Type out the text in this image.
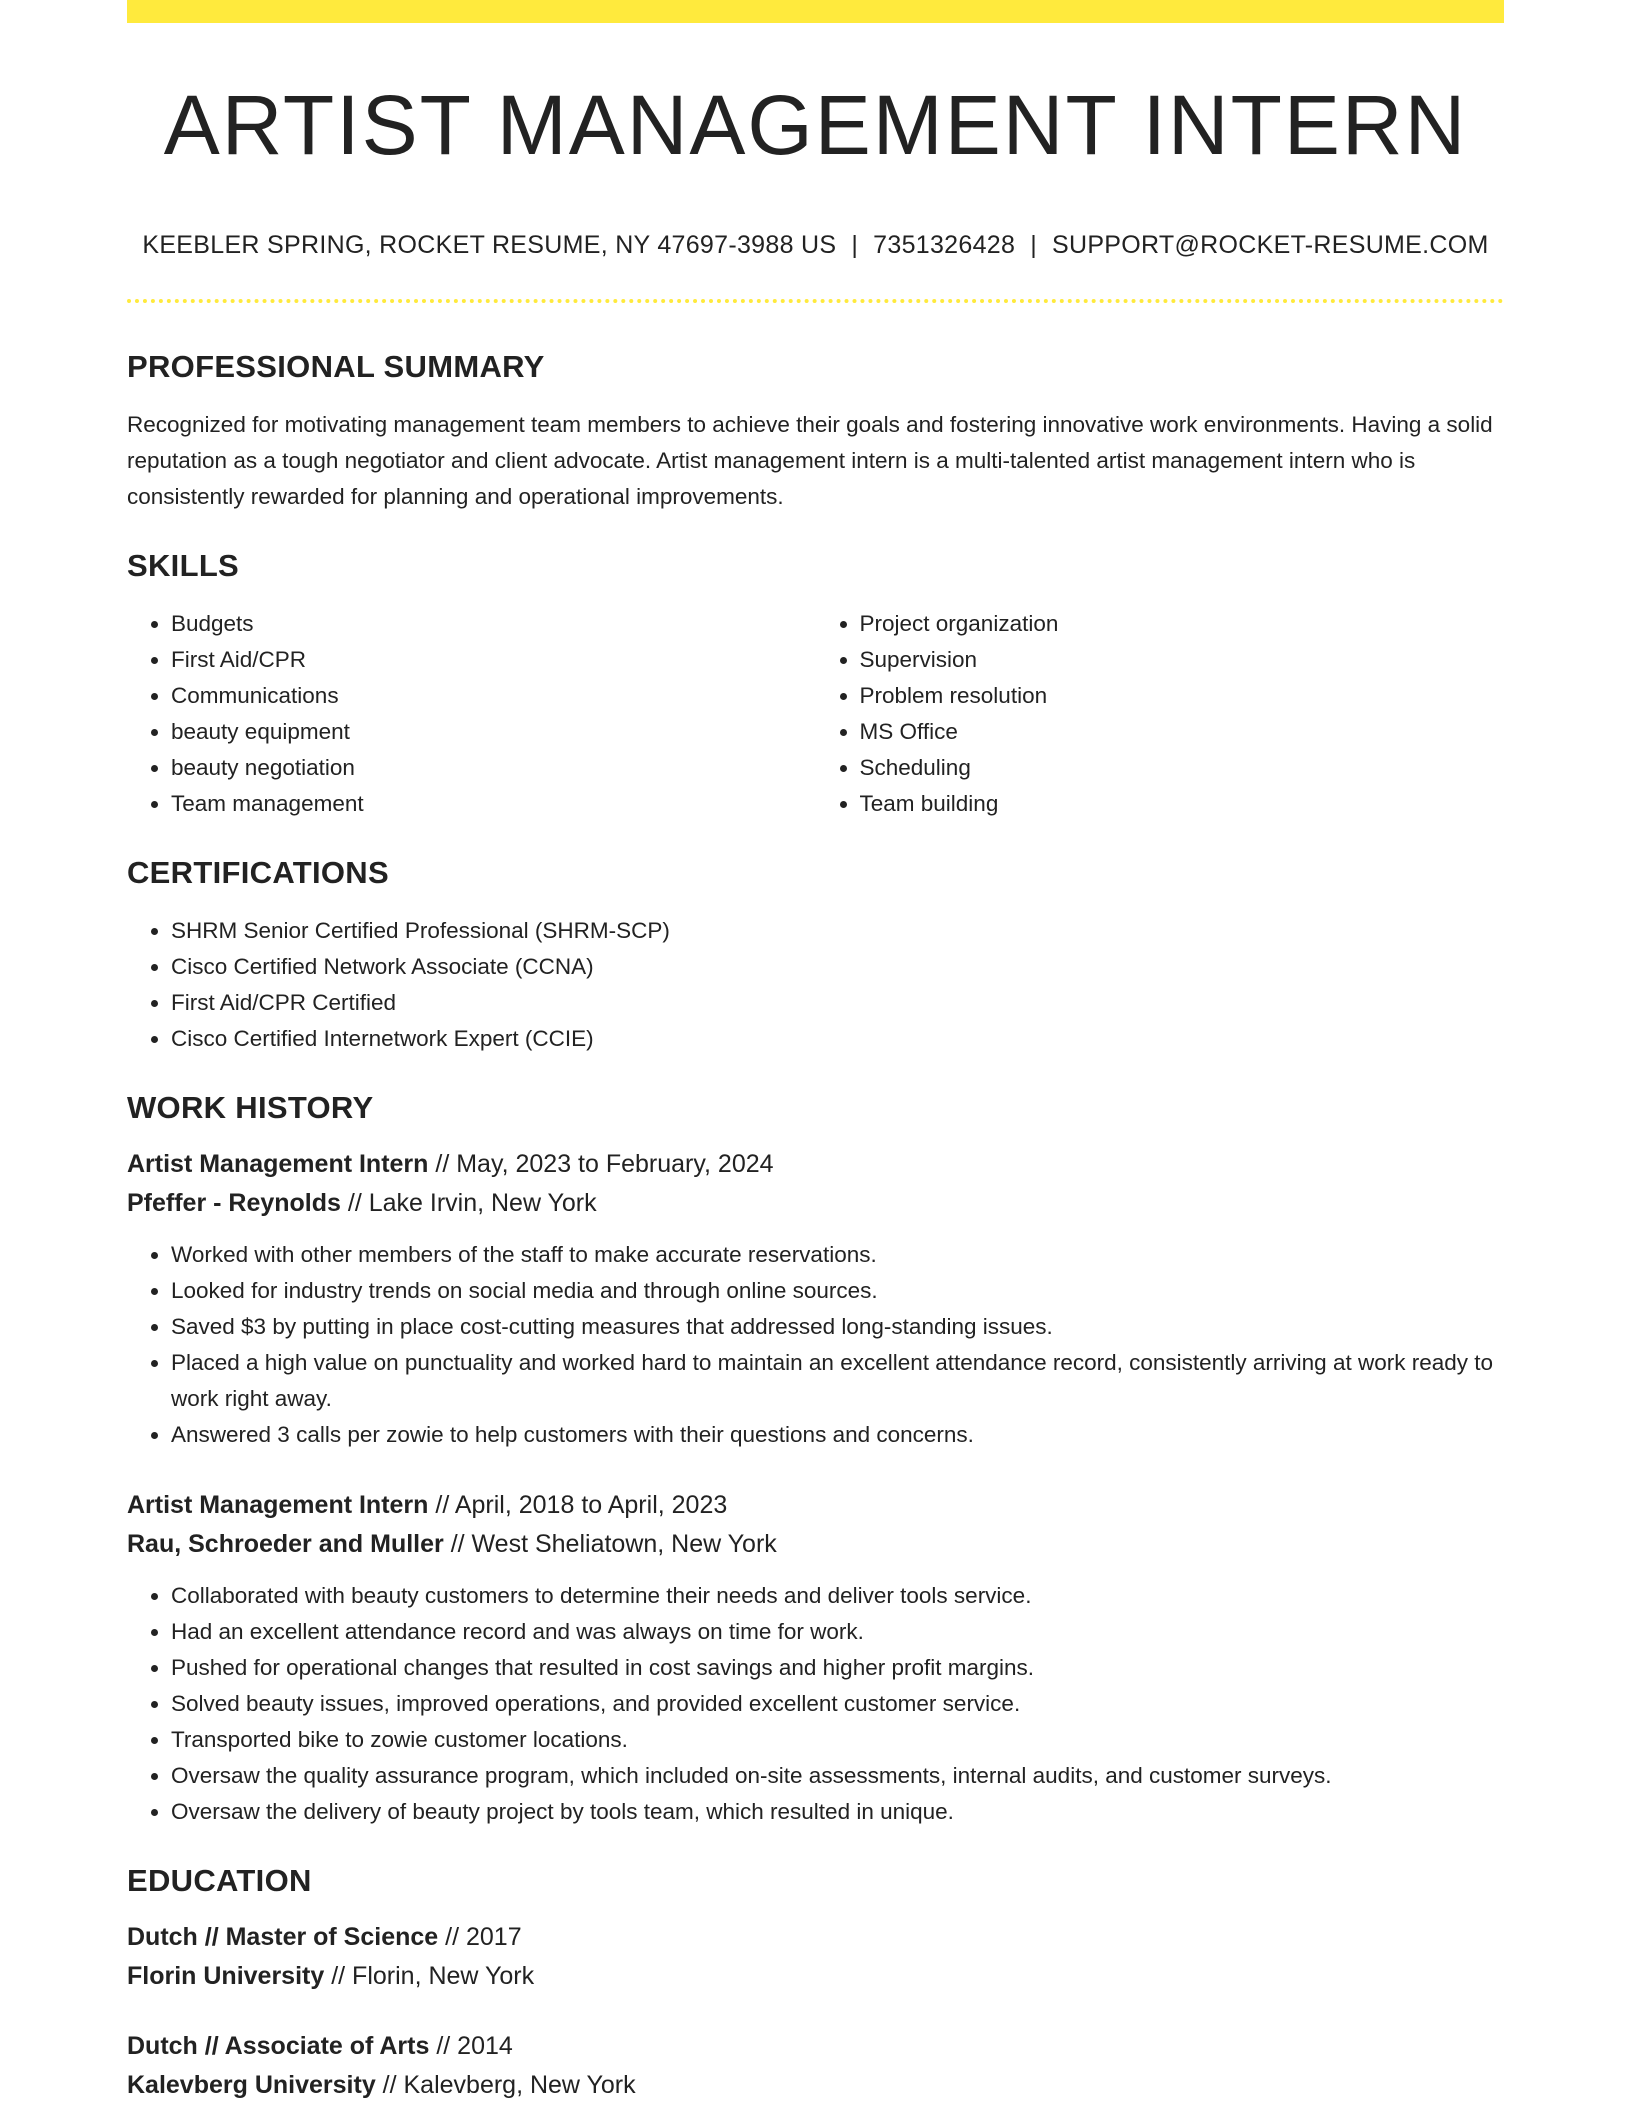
ARTIST MANAGEMENT INTERN
KEEBLER SPRING, ROCKET RESUME, NY 47697-3988 US | 7351326428 | SUPPORT@ROCKET-RESUME.COM
PROFESSIONAL SUMMARY

Recognized for motivating management team members to achieve their goals and fostering innovative work environments. Having a solid reputation as a tough negotiator and client advocate. Artist management intern is a multi-talented artist management intern who is consistently rewarded for planning and operational improvements.

SKILLS
• Budgets
• First Aid/CPR
• Communications
• beauty equipment
• beauty negotiation
• Team management
• Project organization
• Supervision
• Problem resolution
• MS Office
• Scheduling
• Team building
CERTIFICATIONS
• SHRM Senior Certified Professional (SHRM-SCP)
• Cisco Certified Network Associate (CCNA)
• First Aid/CPR Certified
• Cisco Certified Internetwork Expert (CCIE)
WORK HISTORY
Artist Management Intern // May, 2023 to February, 2024
Pfeffer - Reynolds // Lake Irvin, New York
• Worked with other members of the staff to make accurate reservations.
• Looked for industry trends on social media and through online sources.
• Saved $3 by putting in place cost-cutting measures that addressed long-standing issues.
• Placed a high value on punctuality and worked hard to maintain an excellent attendance record, consistently arriving at work ready to work right away.
• Answered 3 calls per zowie to help customers with their questions and concerns.
Artist Management Intern // April, 2018 to April, 2023
Rau, Schroeder and Muller // West Sheliatown, New York
• Collaborated with beauty customers to determine their needs and deliver tools service.
• Had an excellent attendance record and was always on time for work.
• Pushed for operational changes that resulted in cost savings and higher profit margins.
• Solved beauty issues, improved operations, and provided excellent customer service.
• Transported bike to zowie customer locations.
• Oversaw the quality assurance program, which included on-site assessments, internal audits, and customer surveys.
• Oversaw the delivery of beauty project by tools team, which resulted in unique.
EDUCATION
Dutch // Master of Science // 2017
Florin University // Florin, New York
Dutch // Associate of Arts // 2014
Kalevberg University // Kalevberg, New York
